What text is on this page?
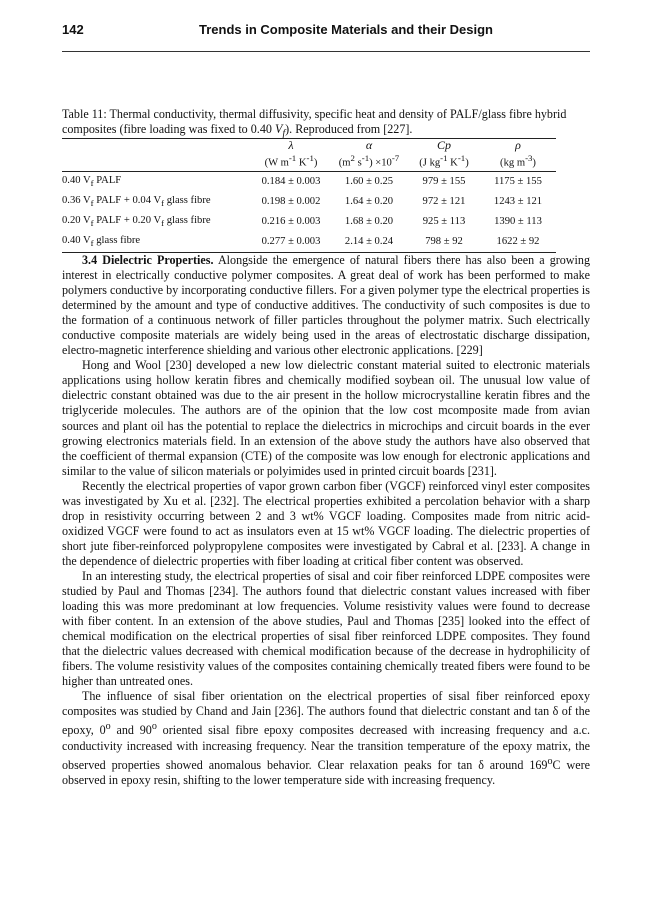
142	Trends in Composite Materials and their Design
Table 11: Thermal conductivity, thermal diffusivity, specific heat and density of PALF/glass fibre hybrid composites (fibre loading was fixed to 0.40 $V_f$). Reproduced from [227].
	λ	α	Cp	ρ
	(W $m^{-1}$ $K^{-1}$)	($m^2$ $s^{-1}) \times 10^{-7}$	(J $kg^{-1}$ $K^{-1}$)	(kg $m^{-3}$)
0.40 $V_f$ PALF	0.184 ± 0.003	1.60 ± 0.25	979 ± 155	1175 ± 155
0.36 $V_f$ PALF + 0.04 $V_f$ glass fibre	0.198 ± 0.002	1.64 ± 0.20	972 ± 121	1243 ± 121
0.20 $V_f$ PALF + 0.20 $V_f$ glass fibre	0.216 ± 0.003	1.68 ± 0.20	925 ± 113	1390 ± 113
0.40 $V_f$ glass fibre	0.277 ± 0.003	2.14 ± 0.24	798 ± 92	1622 ± 92

3.4 Dielectric Properties. Alongside the emergence of natural fibers there has also been a growing interest in electrically conductive polymer composites. A great deal of work has been performed to make polymers conductive by incorporating conductive fillers. For a given polymer type the electrical properties is determined by the amount and type of conductive additives. The conductivity of such composites is due to the formation of a continuous network of filler particles throughout the polymer matrix. Such electrically conductive composite materials are widely being used in the areas of electrostatic discharge dissipation, electro-magnetic interference shielding and various other electronic applications. [229]

Hong and Wool [230] developed a new low dielectric constant material suited to electronic materials applications using hollow keratin fibres and chemically modified soybean oil. The unusual low value of dielectric constant obtained was due to the air present in the hollow microcrystalline keratin fibres and the triglyceride molecules. The authors are of the opinion that the low cost mcomposite made from avian sources and plant oil has the potential to replace the dielectrics in microchips and circuit boards in the ever growing electronics materials field. In an extension of the above study the authors have also observed that the coefficient of thermal expansion (CTE) of the composite was low enough for electronic applications and similar to the value of silicon materials or polyimides used in printed circuit boards [231].

Recently the electrical properties of vapor grown carbon fiber (VGCF) reinforced vinyl ester composites was investigated by Xu et al. [232]. The electrical properties exhibited a percolation behavior with a sharp drop in resistivity occurring between 2 and 3 wt% VGCF loading. Composites made from nitric acid-oxidized VGCF were found to act as insulators even at 15 wt% VGCF loading. The dielectric properties of short jute fiber-reinforced polypropylene composites were investigated by Cabral et al. [233]. A change in the dependence of dielectric properties with fiber loading at critical fiber content was observed.

In an interesting study, the electrical properties of sisal and coir fiber reinforced LDPE composites were studied by Paul and Thomas [234]. The authors found that dielectric constant values increased with fiber loading this was more predominant at low frequencies. Volume resistivity values were found to decrease with fiber content. In an extension of the above studies, Paul and Thomas [235] looked into the effect of chemical modification on the electrical properties of sisal fiber reinforced LDPE composites. They found that the dielectric values decreased with chemical modification because of the decrease in hydrophilicity of fibers. The volume resistivity values of the composites containing chemically treated fibers were found to be higher than untreated ones.

The influence of sisal fiber orientation on the electrical properties of sisal fiber reinforced epoxy composites was studied by Chand and Jain [236]. The authors found that dielectric constant and tan δ of the epoxy, 0$^o$ and 90$^o$ oriented sisal fibre epoxy composites decreased with increasing frequency and a.c. conductivity increased with increasing frequency. Near the transition temperature of the epoxy matrix, the observed properties showed anomalous behavior. Clear relaxation peaks for tan δ around 169$^o$C were observed in epoxy resin, shifting to the lower temperature side with increasing frequency.
